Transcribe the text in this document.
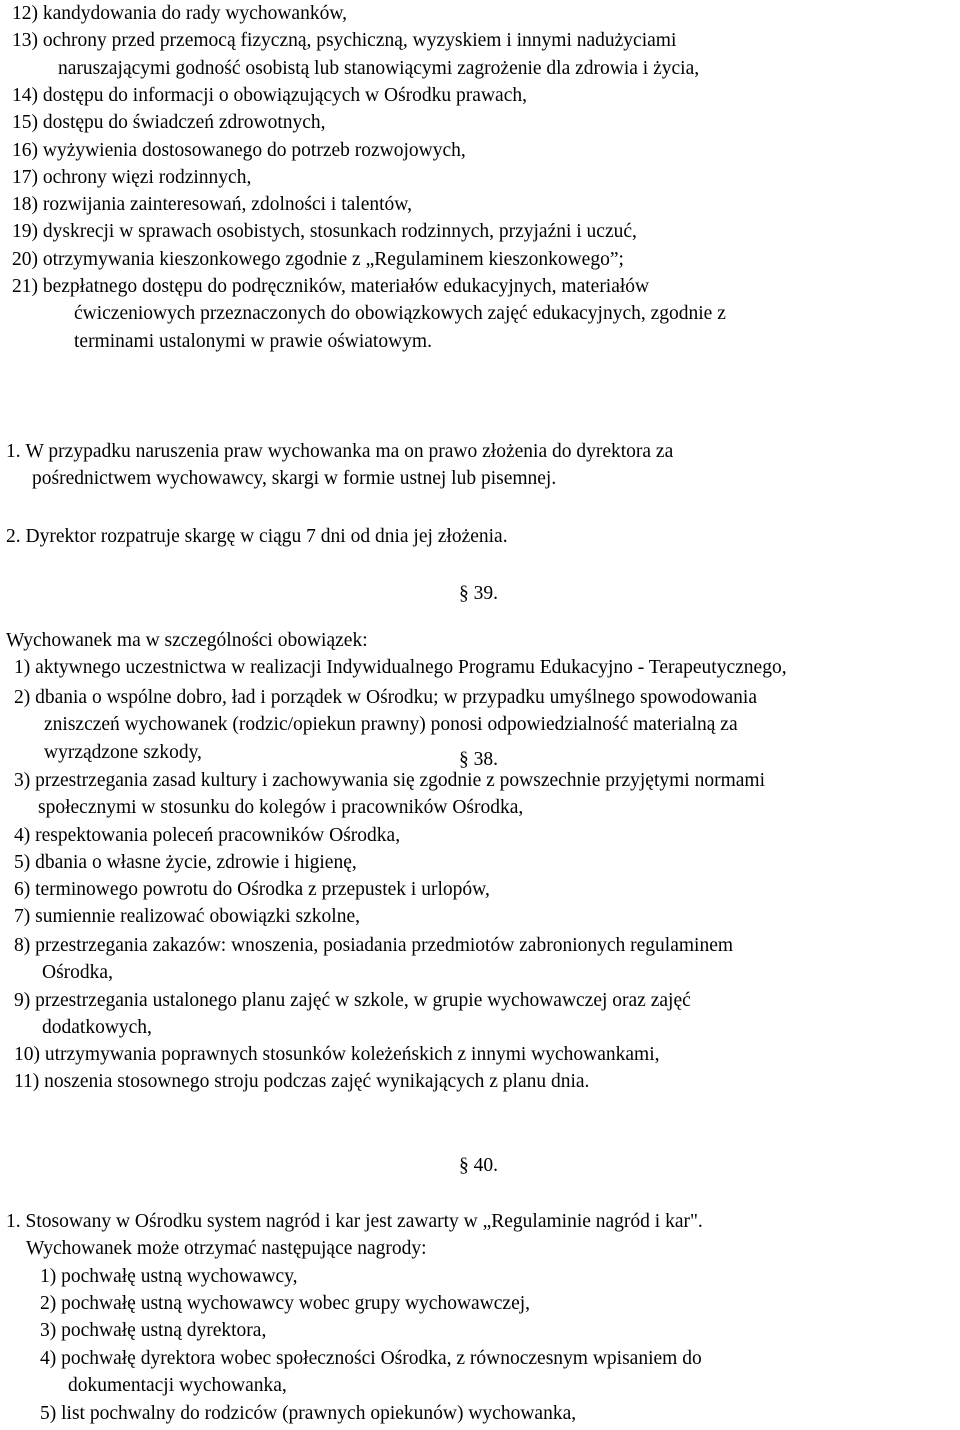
12) kandydowania do rady wychowanków,
13) ochrony przed przemocą fizyczną, psychiczną, wyzyskiem i innymi nadużyciami
naruszającymi godność osobistą lub stanowiącymi zagrożenie dla zdrowia i życia,
14) dostępu do informacji o obowiązujących w Ośrodku prawach,
15) dostępu do świadczeń zdrowotnych,
16) wyżywienia dostosowanego do potrzeb rozwojowych,
17) ochrony więzi rodzinnych,
18) rozwijania zainteresowań, zdolności i talentów,
19) dyskrecji w sprawach osobistych, stosunkach rodzinnych, przyjaźni i uczuć,
20) otrzymywania kieszonkowego zgodnie z „Regulaminem kieszonkowego”;
21) bezpłatnego dostępu do podręczników, materiałów edukacyjnych, materiałów
ćwiczeniowych przeznaczonych do obowiązkowych zajęć edukacyjnych, zgodnie z
terminami ustalonymi w prawie oświatowym.
§ 38.
1. W przypadku naruszenia praw wychowanka ma on prawo złożenia do dyrektora za
pośrednictwem wychowawcy, skargi w formie ustnej lub pisemnej.
2. Dyrektor rozpatruje skargę w ciągu 7 dni od dnia jej złożenia.
§ 39.
Wychowanek ma w szczególności obowiązek:
1) aktywnego uczestnictwa w realizacji Indywidualnego Programu Edukacyjno - Terapeutycznego,
2) dbania o wspólne dobro, ład i porządek w Ośrodku; w przypadku umyślnego spowodowania
zniszczeń wychowanek (rodzic/opiekun prawny) ponosi odpowiedzialność materialną za
wyrządzone szkody,
3) przestrzegania zasad kultury i zachowywania się zgodnie z powszechnie przyjętymi normami
społecznymi w stosunku do kolegów i pracowników Ośrodka,
4) respektowania poleceń pracowników Ośrodka,
5) dbania o własne życie, zdrowie i higienę,
6) terminowego powrotu do Ośrodka z przepustek i urlopów,
7) sumiennie realizować obowiązki szkolne,
8) przestrzegania zakazów: wnoszenia, posiadania przedmiotów zabronionych regulaminem
Ośrodka,
9) przestrzegania ustalonego planu zajęć w szkole, w grupie wychowawczej oraz zajęć
dodatkowych,
10) utrzymywania poprawnych stosunków koleżeńskich z innymi wychowankami,
11) noszenia stosownego stroju podczas zajęć wynikających z planu dnia.
§ 40.
1. Stosowany w Ośrodku system nagród i kar jest zawarty w „Regulaminie nagród i kar".
Wychowanek może otrzymać następujące nagrody:
1) pochwałę ustną wychowawcy,
2) pochwałę ustną wychowawcy wobec grupy wychowawczej,
3) pochwałę ustną dyrektora,
4) pochwałę dyrektora wobec społeczności Ośrodka, z równoczesnym wpisaniem do
dokumentacji wychowanka,
5) list pochwalny do rodziców (prawnych opiekunów) wychowanka,
